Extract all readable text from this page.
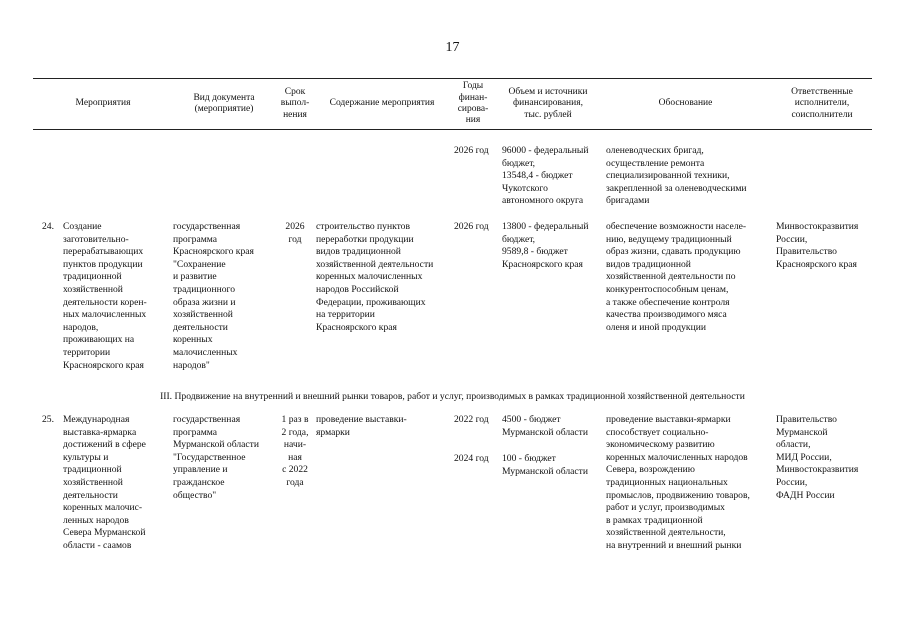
17
Мероприятия
Вид документа
(мероприятие)
Срок
выпол-
нения
Содержание мероприятия
Годы
финан-
сирова-
ния
Объем и источники
финансирования,
тыс. рублей
Обоснование
Ответственные
исполнители,
соисполнители
2026 год 96000 - федеральный
бюджет,
13548,4 - бюджет
Чукотского
автономного округа
оленеводческих бригад,
осуществление ремонта
специализированной техники,
закрепленной за оленеводческими
бригадами
24. Создание
заготовительно-
перерабатывающих
пунктов продукции
традиционной
хозяйственной
деятельности корен-
ных малочисленных
народов,
проживающих на
территории
Красноярского края
государственная
программа
Красноярского края
"Сохранение
и развитие
традиционного
образа жизни и
хозяйственной
деятельности
коренных
малочисленных
народов"
2026
год
строительство пунктов
переработки продукции
видов традиционной
хозяйственной деятельности
коренных малочисленных
народов Российской
Федерации, проживающих
на территории
Красноярского края
2026 год 13800 - федеральный
бюджет,
9589,8 - бюджет
Красноярского края
обеспечение возможности населе-
нию, ведущему традиционный
образ жизни, сдавать продукцию
видов традиционной
хозяйственной деятельности по
конкурентоспособным ценам,
а также обеспечение контроля
качества производимого мяса
оленя и иной продукции
Минвостокразвития
России,
Правительство
Красноярского края
III. Продвижение на внутренний и внешний рынки товаров, работ и услуг, производимых в рамках традиционной хозяйственной деятельности
25. Международная
выставка-ярмарка
достижений в сфере
культуры и
традиционной
хозяйственной
деятельности
коренных малочис-
ленных народов
Севера Мурманской
области - саамов
государственная
программа
Мурманской области
"Государственное
управление и
гражданское
общество"
1 раз в
2 года,
начи-
ная
с 2022
года
проведение выставки-
ярмарки
2022 год 4500 - бюджет
Мурманской области
2024 год 100 - бюджет
Мурманской области
проведение выставки-ярмарки
способствует социально-
экономическому развитию
коренных малочисленных народов
Севера, возрождению
традиционных национальных
промыслов, продвижению товаров,
работ и услуг, производимых
в рамках традиционной
хозяйственной деятельности,
на внутренний и внешний рынки
Правительство
Мурманской
области,
МИД России,
Минвостокразвития
России,
ФАДН России
